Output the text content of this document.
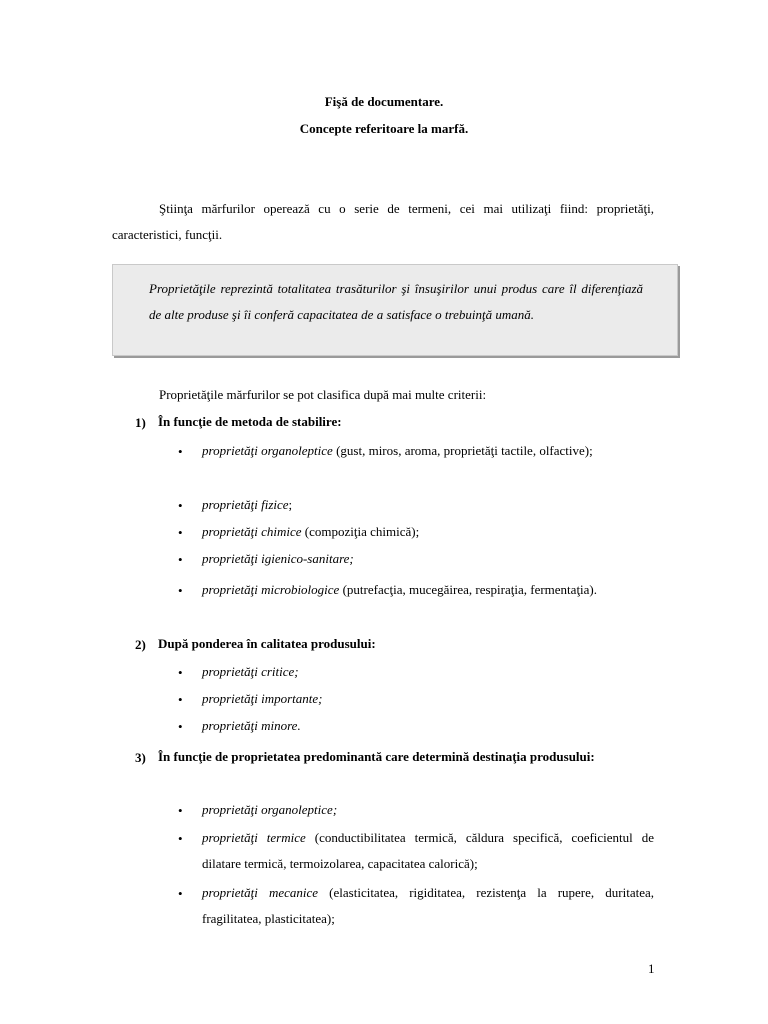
Fişă de documentare.
Concepte referitoare la marfă.
Ştiinţa mărfurilor operează cu o serie de termeni, cei mai utilizaţi fiind: proprietăţi, caracteristici, funcţii.
Proprietăţile reprezintă totalitatea trasăturilor şi însuşirilor unui produs care îl diferenţiază de alte produse şi îi conferă capacitatea de a satisface o trebuinţă umană.
Proprietăţile mărfurilor se pot clasifica după mai multe criterii:
1) În funcţie de metoda de stabilire:
• proprietăţi organoleptice (gust, miros, aroma, proprietăţi tactile, olfactive);
• proprietăţi fizice;
• proprietăţi chimice (compoziţia chimică);
• proprietăţi igienico-sanitare;
• proprietăţi microbiologice (putrefacţia, mucegăirea, respiraţia, fermentaţia).
2) După ponderea în calitatea produsului:
• proprietăţi critice;
• proprietăţi importante;
• proprietăţi minore.
3) În funcţie de proprietatea predominantă care determină destinaţia produsului:
• proprietăţi organoleptice;
• proprietăţi termice (conductibilitatea termică, căldura specifică, coeficientul de dilatare termică, termoizolarea, capacitatea calorică);
• proprietăţi mecanice (elasticitatea, rigiditatea, rezistenţa la rupere, duritatea, fragilitatea, plasticitatea);
1
